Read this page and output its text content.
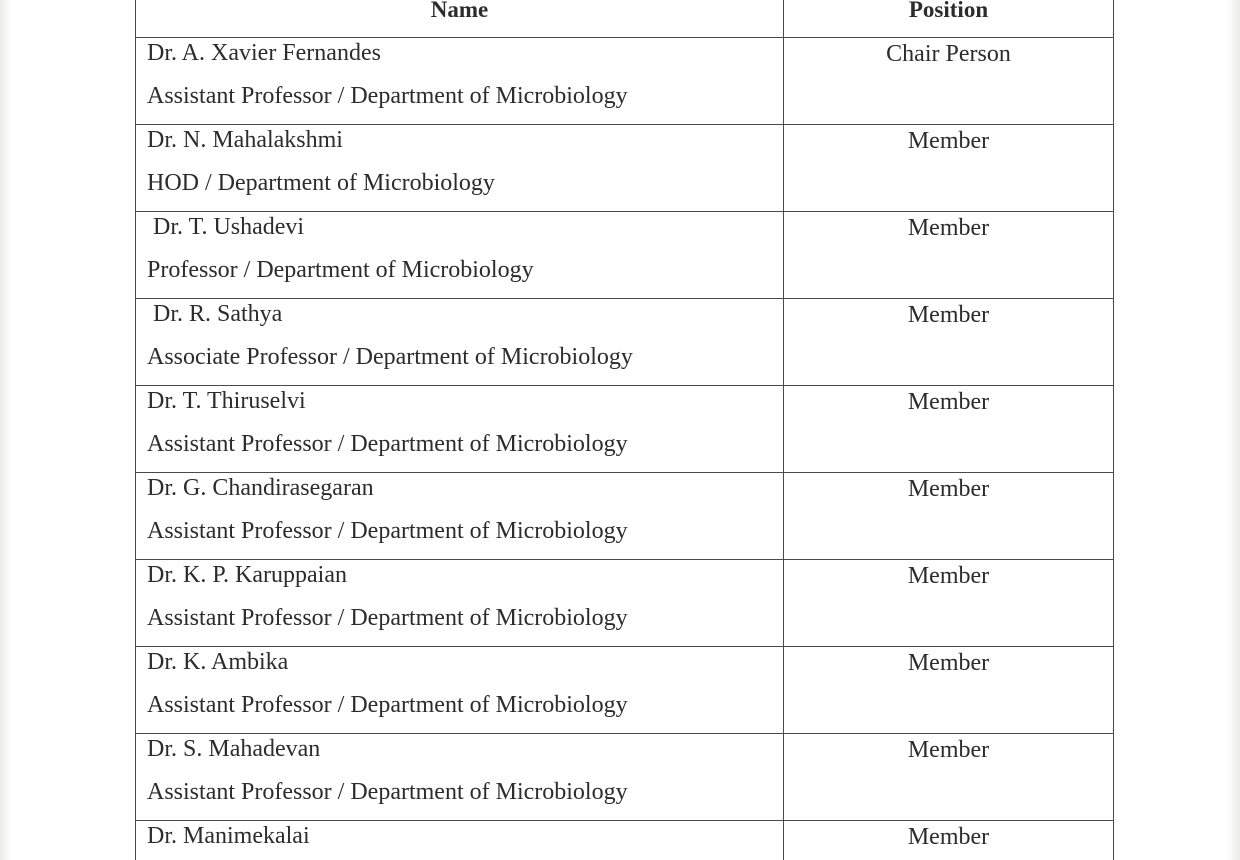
Name	Position

Dr. A. Xavier Fernandes
Assistant Professor / Department of Microbiology	Chair Person

Dr. N. Mahalakshmi
HOD / Department of Microbiology	Member

Dr. T. Ushadevi
Professor / Department of Microbiology	Member

Dr. R. Sathya
Associate Professor / Department of Microbiology	Member

Dr. T. Thiruselvi
Assistant Professor / Department of Microbiology	Member

Dr. G. Chandirasegaran
Assistant Professor / Department of Microbiology	Member

Dr. K. P. Karuppaian
Assistant Professor / Department of Microbiology	Member

Dr. K. Ambika
Assistant Professor / Department of Microbiology	Member

Dr. S. Mahadevan
Assistant Professor / Department of Microbiology	Member

Dr. Manimekalai	Member
